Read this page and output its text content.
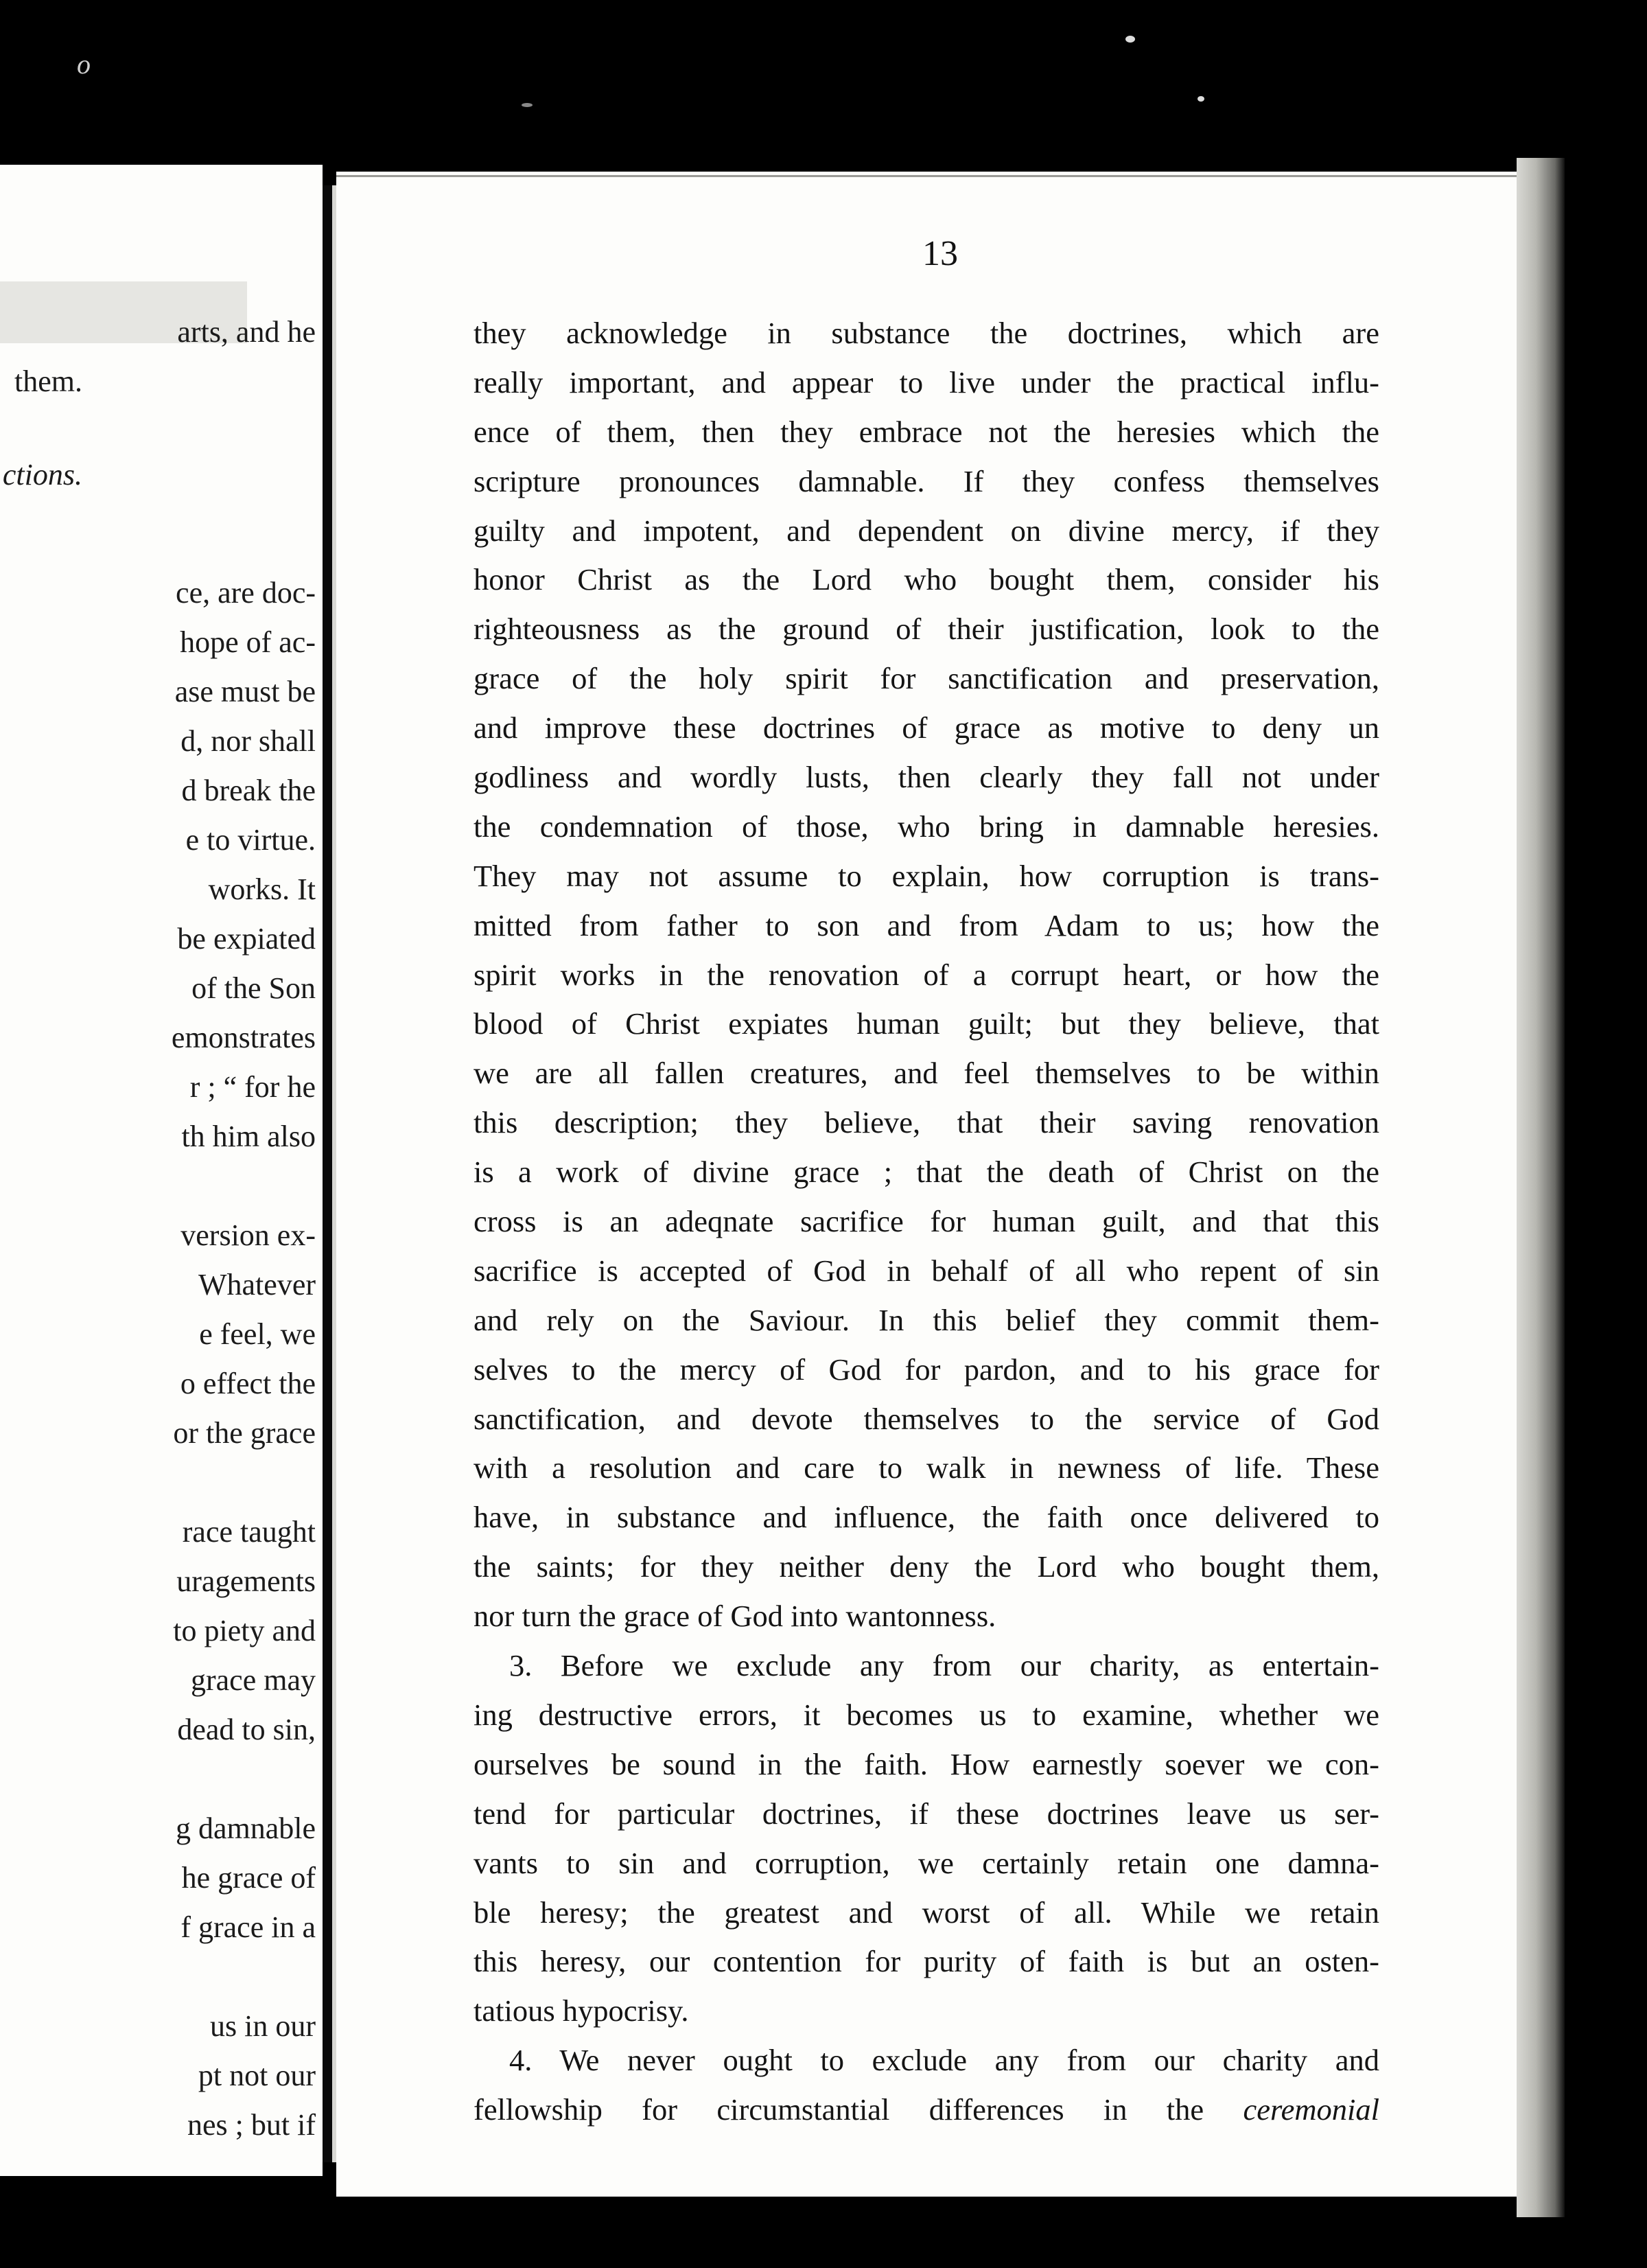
o
arts, and he
them.
ctions.
ce, are doc-
hope of ac-
ase must be
d, nor shall
d break the
e to virtue.
works. It
be expiated
of the Son
emonstrates
r ; “ for he
th him also
version ex-
Whatever
e feel, we
o effect the
or the grace
race taught
uragements
to piety and
grace may
dead to sin,
g damnable
he grace of
f grace in a
us in our
pt not our
nes ; but if
13
they acknowledge in substance the doctrines, which are
really important, and appear to live under the practical influ-
ence of them, then they embrace not the heresies which the
scripture pronounces damnable. If they confess themselves
guilty and impotent, and dependent on divine mercy, if they
honor Christ as the Lord who bought them, consider his
righteousness as the ground of their justification, look to the
grace of the holy spirit for sanctification and preservation,
and improve these doctrines of grace as motive to deny un
godliness and wordly lusts, then clearly they fall not under
the condemnation of those, who bring in damnable heresies.
They may not assume to explain, how corruption is trans-
mitted from father to son and from Adam to us; how the
spirit works in the renovation of a corrupt heart, or how the
blood of Christ expiates human guilt; but they believe, that
we are all fallen creatures, and feel themselves to be within
this description; they believe, that their saving renovation
is a work of divine grace ; that the death of Christ on the
cross is an adeqnate sacrifice for human guilt, and that this
sacrifice is accepted of God in behalf of all who repent of sin
and rely on the Saviour. In this belief they commit them-
selves to the mercy of God for pardon, and to his grace for
sanctification, and devote themselves to the service of God
with a resolution and care to walk in newness of life. These
have, in substance and influence, the faith once delivered to
the saints; for they neither deny the Lord who bought them,
nor turn the grace of God into wantonness.
3. Before we exclude any from our charity, as entertain-
ing destructive errors, it becomes us to examine, whether we
ourselves be sound in the faith. How earnestly soever we con-
tend for particular doctrines, if these doctrines leave us ser-
vants to sin and corruption, we certainly retain one damna-
ble heresy; the greatest and worst of all. While we retain
this heresy, our contention for purity of faith is but an osten-
tatious hypocrisy.
4. We never ought to exclude any from our charity and
fellowship for circumstantial differences in the ceremonial
